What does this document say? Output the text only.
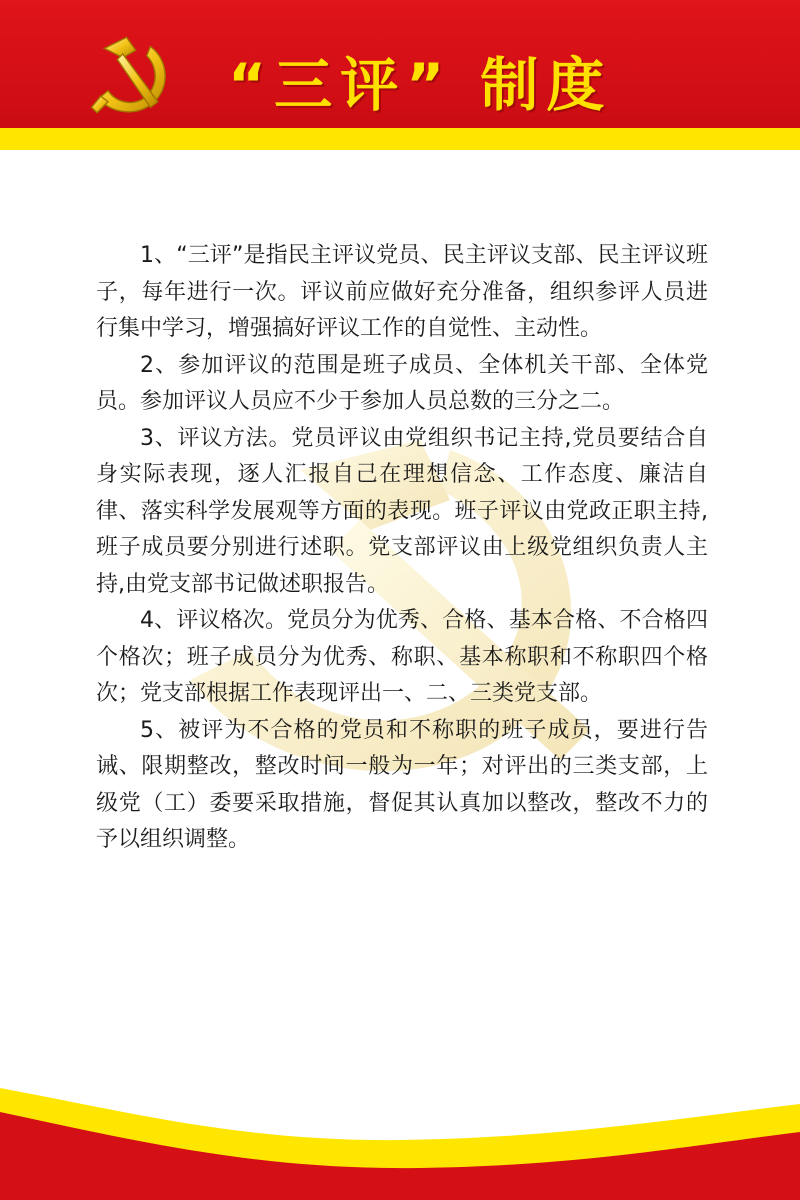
“三评” 制度

1、“三评”是指民主评议党员、民主评议支部、民主评议班子，每年进行一次。评议前应做好充分准备，组织参评人员进行集中学习，增强搞好评议工作的自觉性、主动性。

2、参加评议的范围是班子成员、全体机关干部、全体党员。参加评议人员应不少于参加人员总数的三分之二。

3、评议方法。党员评议由党组织书记主持,党员要结合自身实际表现，逐人汇报自己在理想信念、工作态度、廉洁自律、落实科学发展观等方面的表现。班子评议由党政正职主持,班子成员要分别进行述职。党支部评议由上级党组织负责人主持,由党支部书记做述职报告。

4、评议格次。党员分为优秀、合格、基本合格、不合格四个格次；班子成员分为优秀、称职、基本称职和不称职四个格次；党支部根据工作表现评出一、二、三类党支部。

5、被评为不合格的党员和不称职的班子成员，要进行告诫、限期整改，整改时间一般为一年；对评出的三类支部，上级党（工）委要采取措施，督促其认真加以整改，整改不力的予以组织调整。
